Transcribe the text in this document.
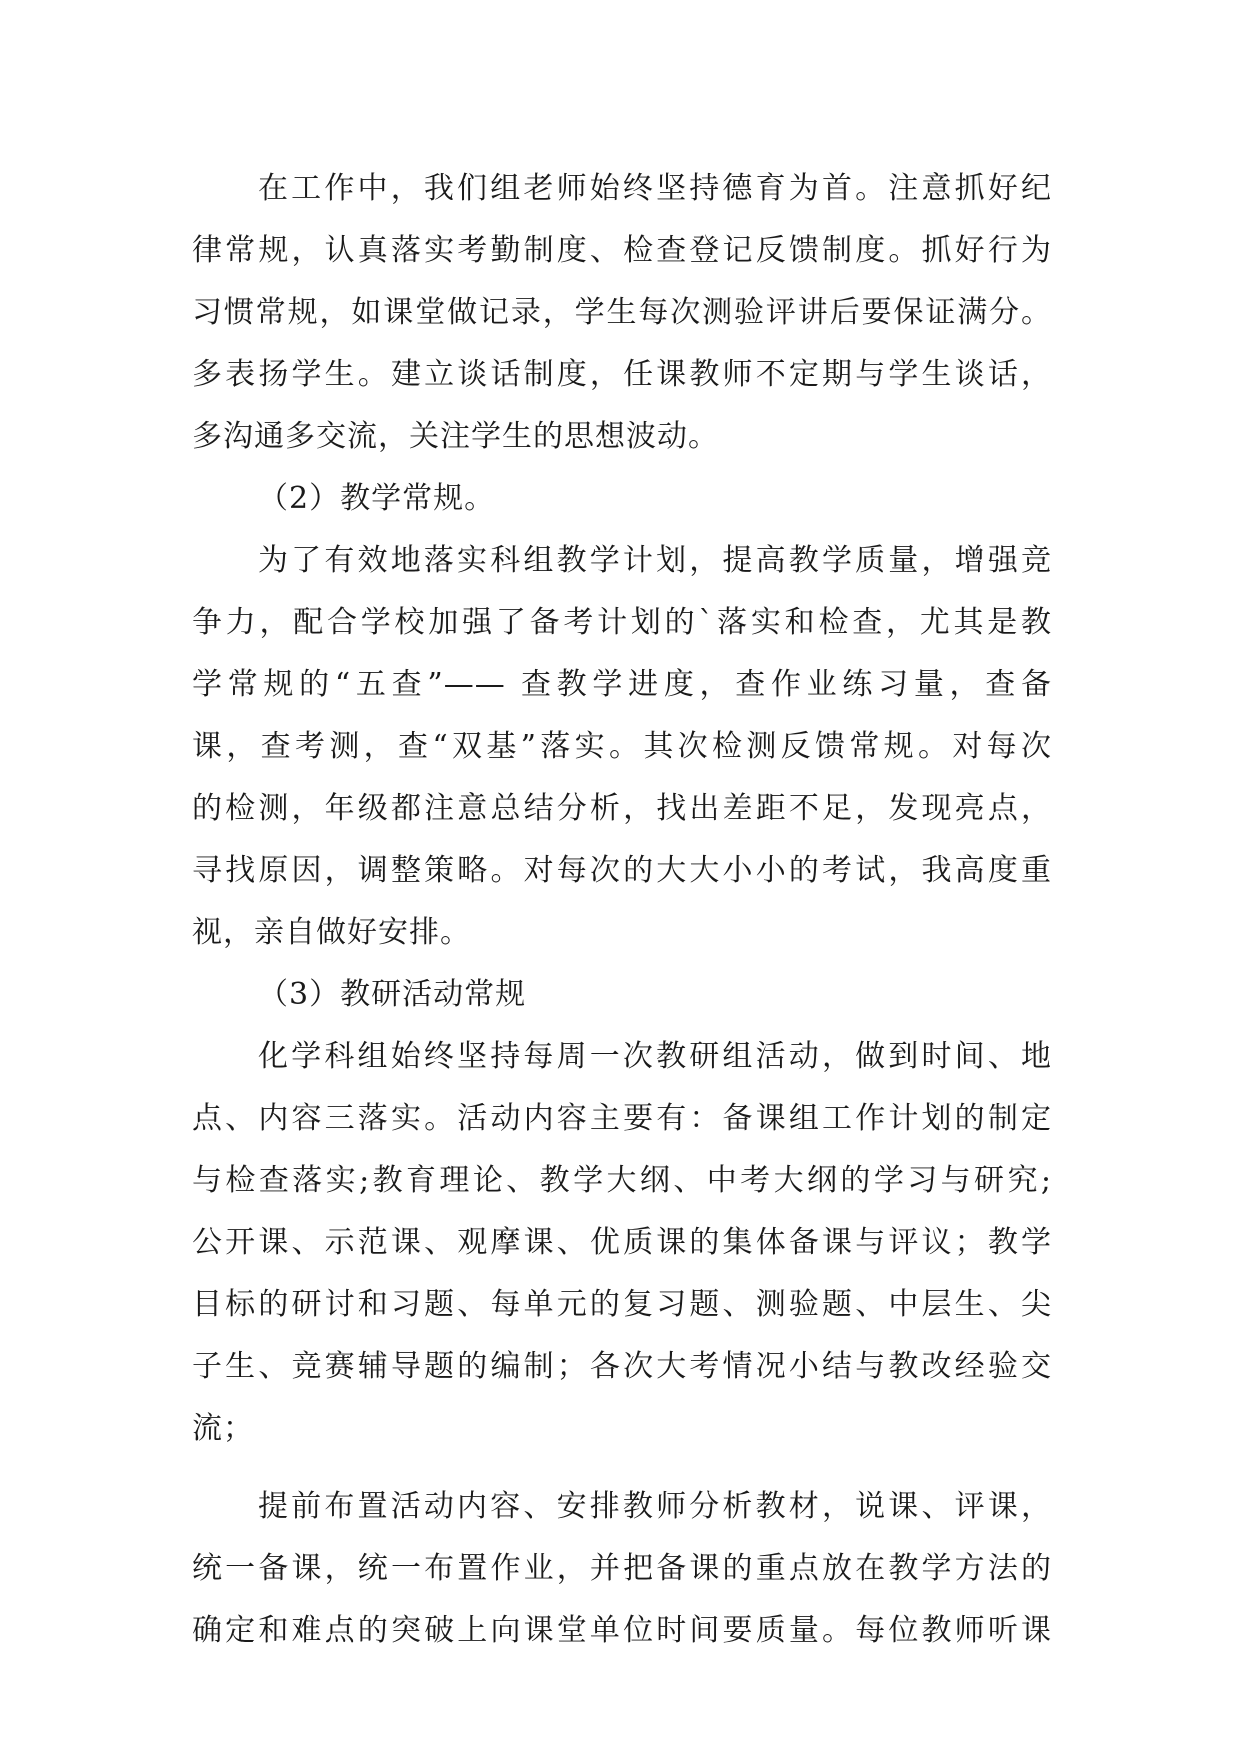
在工作中，我们组老师始终坚持德育为首。注意抓好纪

律常规，认真落实考勤制度、检查登记反馈制度。抓好行为

习惯常规，如课堂做记录，学生每次测验评讲后要保证满分。

多表扬学生。建立谈话制度，任课教师不定期与学生谈话，

多沟通多交流，关注学生的思想波动。

（2）教学常规。

为了有效地落实科组教学计划，提高教学质量，增强竞

争力，配合学校加强了备考计划的`落实和检查，尤其是教

学常规的“五查”—— 查教学进度，查作业练习量，查备

课，查考测，查“双基”落实。其次检测反馈常规。对每次

的检测，年级都注意总结分析，找出差距不足，发现亮点，

寻找原因，调整策略。对每次的大大小小的考试，我高度重

视，亲自做好安排。

（3）教研活动常规

化学科组始终坚持每周一次教研组活动，做到时间、地

点、内容三落实。活动内容主要有：备课组工作计划的制定

与检查落实;教育理论、教学大纲、中考大纲的学习与研究;

公开课、示范课、观摩课、优质课的集体备课与评议；教学

目标的研讨和习题、每单元的复习题、测验题、中层生、尖

子生、竞赛辅导题的编制；各次大考情况小结与教改经验交

流；

提前布置活动内容、安排教师分析教材，说课、评课，

统一备课，统一布置作业，并把备课的重点放在教学方法的

确定和难点的突破上向课堂单位时间要质量。每位教师听课
